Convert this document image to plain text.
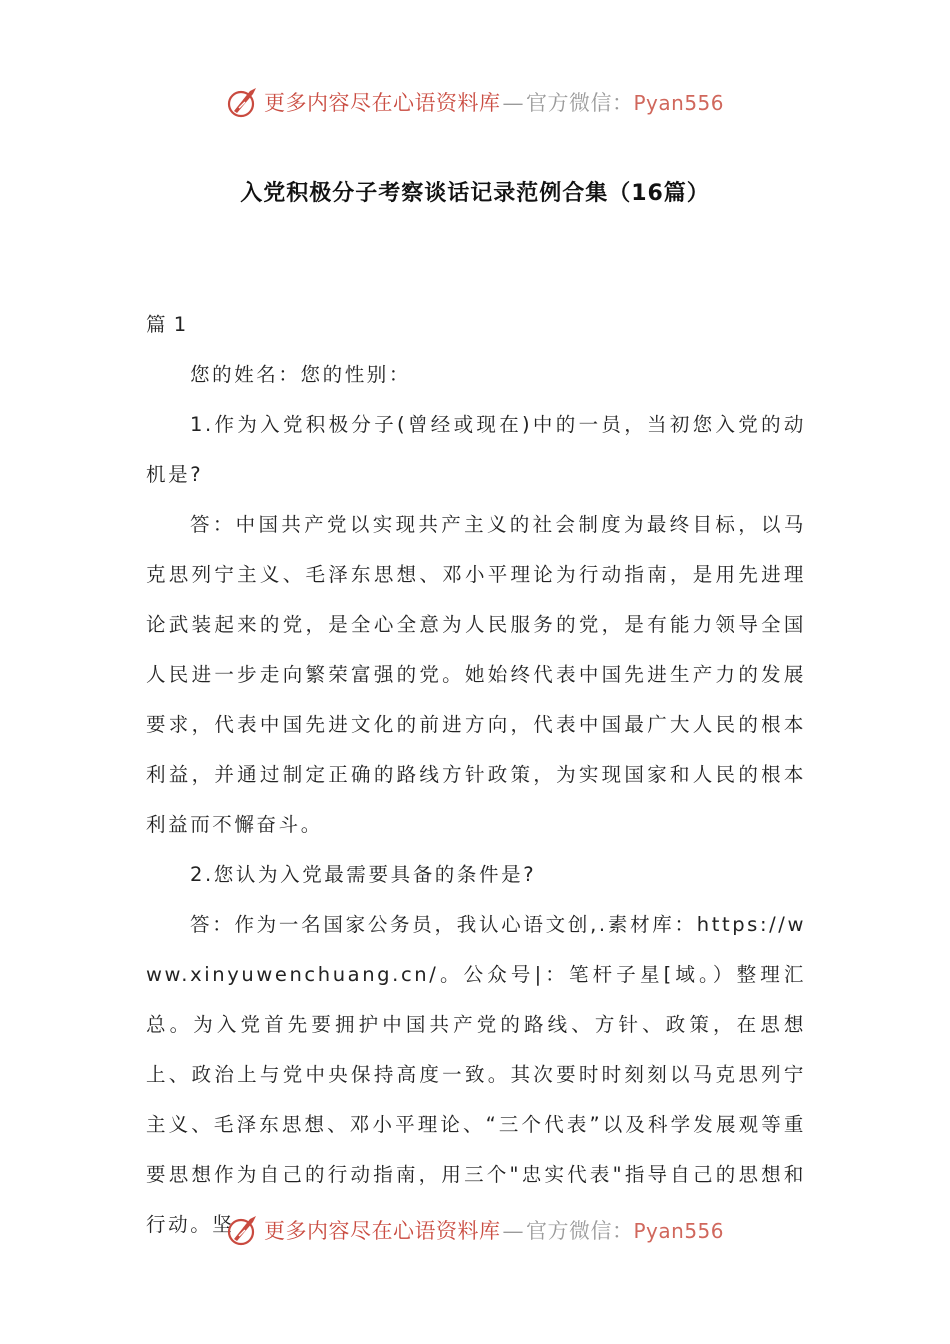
更多内容尽在心语资料库 — 官方微信： Pyan556
入党积极分子考察谈话记录范例合集（16篇）

篇 1

您的姓名：您的性别：

1.作为入党积极分子(曾经或现在)中的一员，当初您入党的动机是?

答：中国共产党以实现共产主义的社会制度为最终目标，以马克思列宁主义、毛泽东思想、邓小平理论为行动指南，是用先进理论武装起来的党，是全心全意为人民服务的党，是有能力领导全国人民进一步走向繁荣富强的党。她始终代表中国先进生产力的发展要求，代表中国先进文化的前进方向，代表中国最广大人民的根本利益，并通过制定正确的路线方针政策，为实现国家和人民的根本利益而不懈奋斗。

2.您认为入党最需要具备的条件是?

答：作为一名国家公务员，我认心语文创,.素材库：https://www.xinyuwenchuang.cn/。公众号|：笔杆子星[域。）整理汇总。为入党首先要拥护中国共产党的路线、方针、政策，在思想上、政治上与党中央保持高度一致。其次要时时刻刻以马克思列宁主义、毛泽东思想、邓小平理论、“三个代表”以及科学发展观等重要思想作为自己的行动指南，用三个"忠实代表"指导自己的思想和行动。坚	更多内容尽在心语资料库 — 官方微信： Pyan556
